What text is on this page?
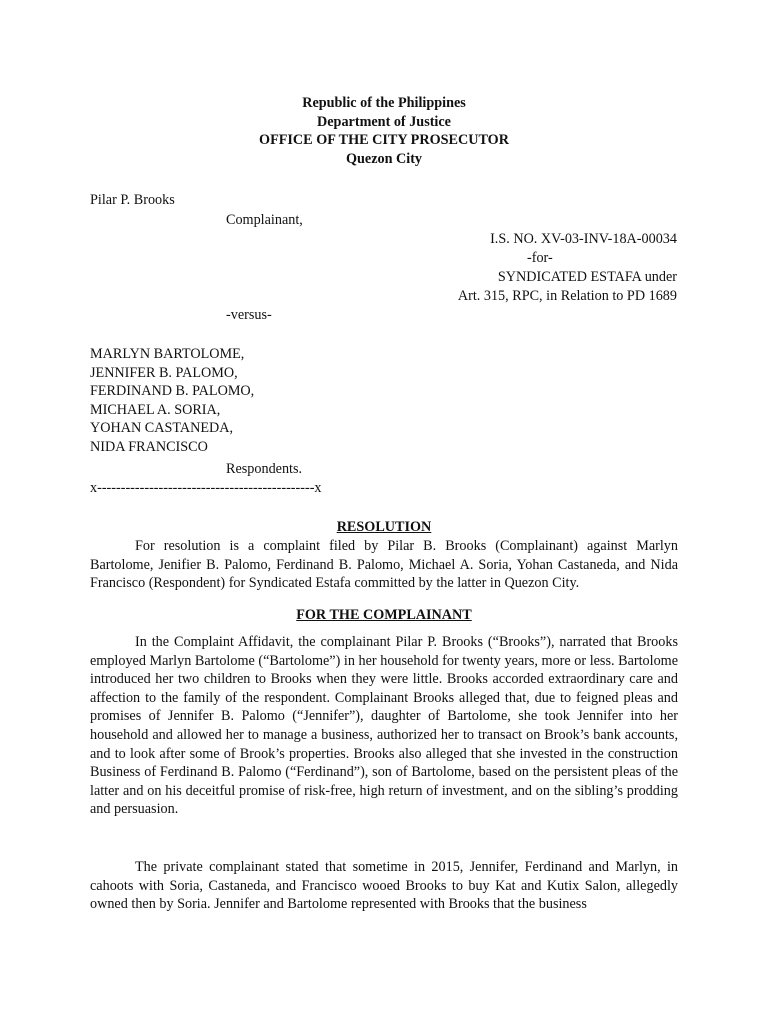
Republic of the Philippines
Department of Justice
OFFICE OF THE CITY PROSECUTOR
Quezon City
Pilar P. Brooks
Complainant,
I.S. NO. XV-03-INV-18A-00034
-for-
SYNDICATED ESTAFA under
Art. 315, RPC, in Relation to PD 1689
-versus-
MARLYN BARTOLOME,
JENNIFER B. PALOMO,
FERDINAND B. PALOMO,
MICHAEL A. SORIA,
YOHAN CASTANEDA,
NIDA FRANCISCO
Respondents.
x----------------------------------------------x
RESOLUTION
For resolution is a complaint filed by Pilar B. Brooks (Complainant) against Marlyn Bartolome, Jenifier B. Palomo, Ferdinand B. Palomo, Michael A. Soria, Yohan Castaneda, and Nida Francisco (Respondent) for Syndicated Estafa committed by the latter in Quezon City.
FOR THE COMPLAINANT
In the Complaint Affidavit, the complainant Pilar P. Brooks (“Brooks”), narrated that Brooks employed Marlyn Bartolome (“Bartolome”) in her household for twenty years, more or less. Bartolome introduced her two children to Brooks when they were little. Brooks accorded extraordinary care and affection to the family of the respondent. Complainant Brooks alleged that, due to feigned pleas and promises of Jennifer B. Palomo (“Jennifer”), daughter of Bartolome, she took Jennifer into her household and allowed her to manage a business, authorized her to transact on Brook’s bank accounts, and to look after some of Brook’s properties. Brooks also alleged that she invested in the construction Business of Ferdinand B. Palomo (“Ferdinand”), son of Bartolome, based on the persistent pleas of the latter and on his deceitful promise of risk-free, high return of investment, and on the sibling’s prodding and persuasion.
The private complainant stated that sometime in 2015, Jennifer, Ferdinand and Marlyn, in cahoots with Soria, Castaneda, and Francisco wooed Brooks to buy Kat and Kutix Salon, allegedly owned then by Soria. Jennifer and Bartolome represented with Brooks that the business
